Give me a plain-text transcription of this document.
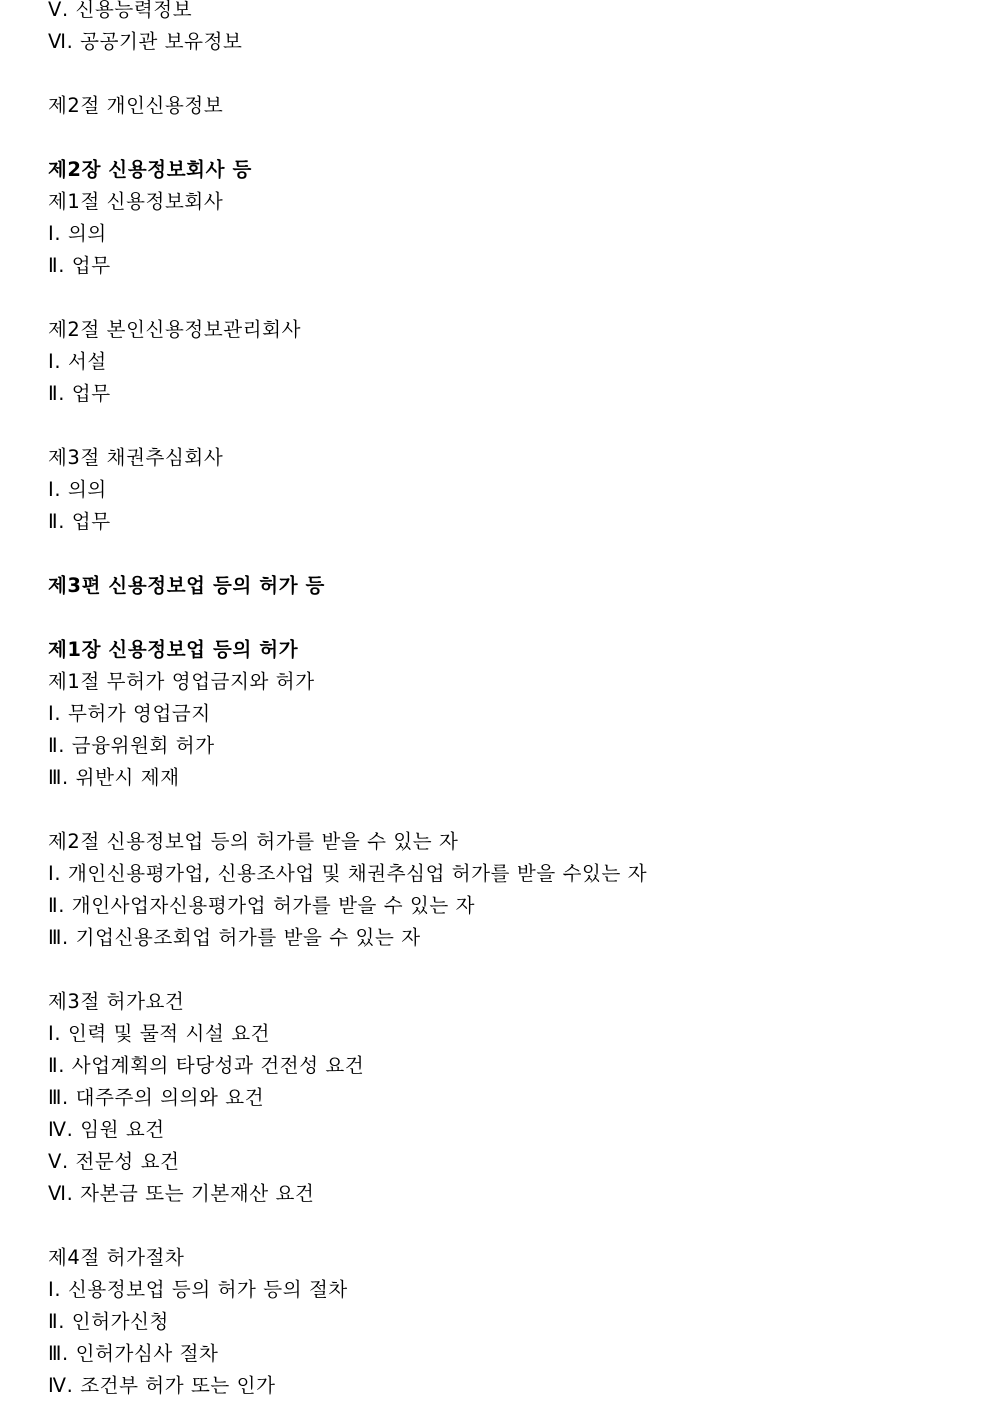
Ⅴ. 신용능력정보
Ⅵ. 공공기관 보유정보
제2절 개인신용정보
제2장 신용정보회사 등
제1절 신용정보회사
Ⅰ. 의의
Ⅱ. 업무
제2절 본인신용정보관리회사
Ⅰ. 서설
Ⅱ. 업무
제3절 채권추심회사
Ⅰ. 의의
Ⅱ. 업무
제3편 신용정보업 등의 허가 등
제1장 신용정보업 등의 허가
제1절 무허가 영업금지와 허가
Ⅰ. 무허가 영업금지
Ⅱ. 금융위원회 허가
Ⅲ. 위반시 제재
제2절 신용정보업 등의 허가를 받을 수 있는 자
Ⅰ. 개인신용평가업, 신용조사업 및 채권추심업 허가를 받을 수있는 자
Ⅱ. 개인사업자신용평가업 허가를 받을 수 있는 자
Ⅲ. 기업신용조회업 허가를 받을 수 있는 자
제3절 허가요건
Ⅰ. 인력 및 물적 시설 요건
Ⅱ. 사업계획의 타당성과 건전성 요건
Ⅲ. 대주주의 의의와 요건
Ⅳ. 임원 요건
Ⅴ. 전문성 요건
Ⅵ. 자본금 또는 기본재산 요건
제4절 허가절차
Ⅰ. 신용정보업 등의 허가 등의 절차
Ⅱ. 인허가신청
Ⅲ. 인허가심사 절차
Ⅳ. 조건부 허가 또는 인가
